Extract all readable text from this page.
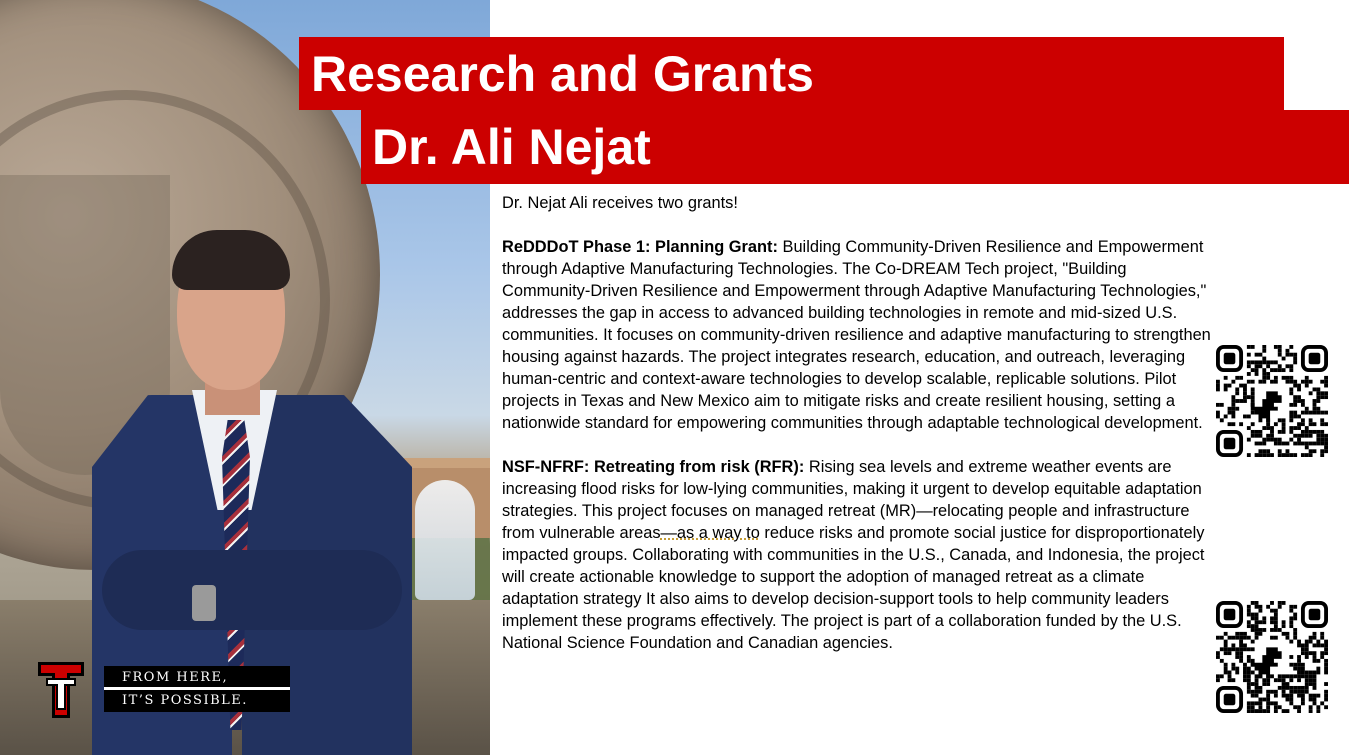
FROM HERE,
IT’S POSSIBLE.
Research and Grants
Dr. Ali Nejat

Dr. Nejat Ali receives two grants!

ReDDDoT Phase 1: Planning Grant: Building Community-Driven Resilience and Empowerment through Adaptive Manufacturing Technologies. The Co-DREAM Tech project, "Building Community-Driven Resilience and Empowerment through Adaptive Manufacturing Technologies," addresses the gap in access to advanced building technologies in remote and mid-sized U.S. communities. It focuses on community-driven resilience and adaptive manufacturing to strengthen housing against hazards. The project integrates research, education, and outreach, leveraging human-centric and context-aware technologies to develop scalable, replicable solutions. Pilot projects in Texas and New Mexico aim to mitigate risks and create resilient housing, setting a nationwide standard for empowering communities through adaptable technological development.

NSF-NFRF: Retreating from risk (RFR): Rising sea levels and extreme weather events are increasing flood risks for low-lying communities, making it urgent to develop equitable adaptation strategies. This project focuses on managed retreat (MR)—relocating people and infrastructure from vulnerable areas—as a way to reduce risks and promote social justice for disproportionately impacted groups. Collaborating with communities in the U.S., Canada, and Indonesia, the project will create actionable knowledge to support the adoption of managed retreat as a climate adaptation strategy It also aims to develop decision-support tools to help community leaders implement these programs effectively. The project is part of a collaboration funded by the U.S. National Science Foundation and Canadian agencies.
